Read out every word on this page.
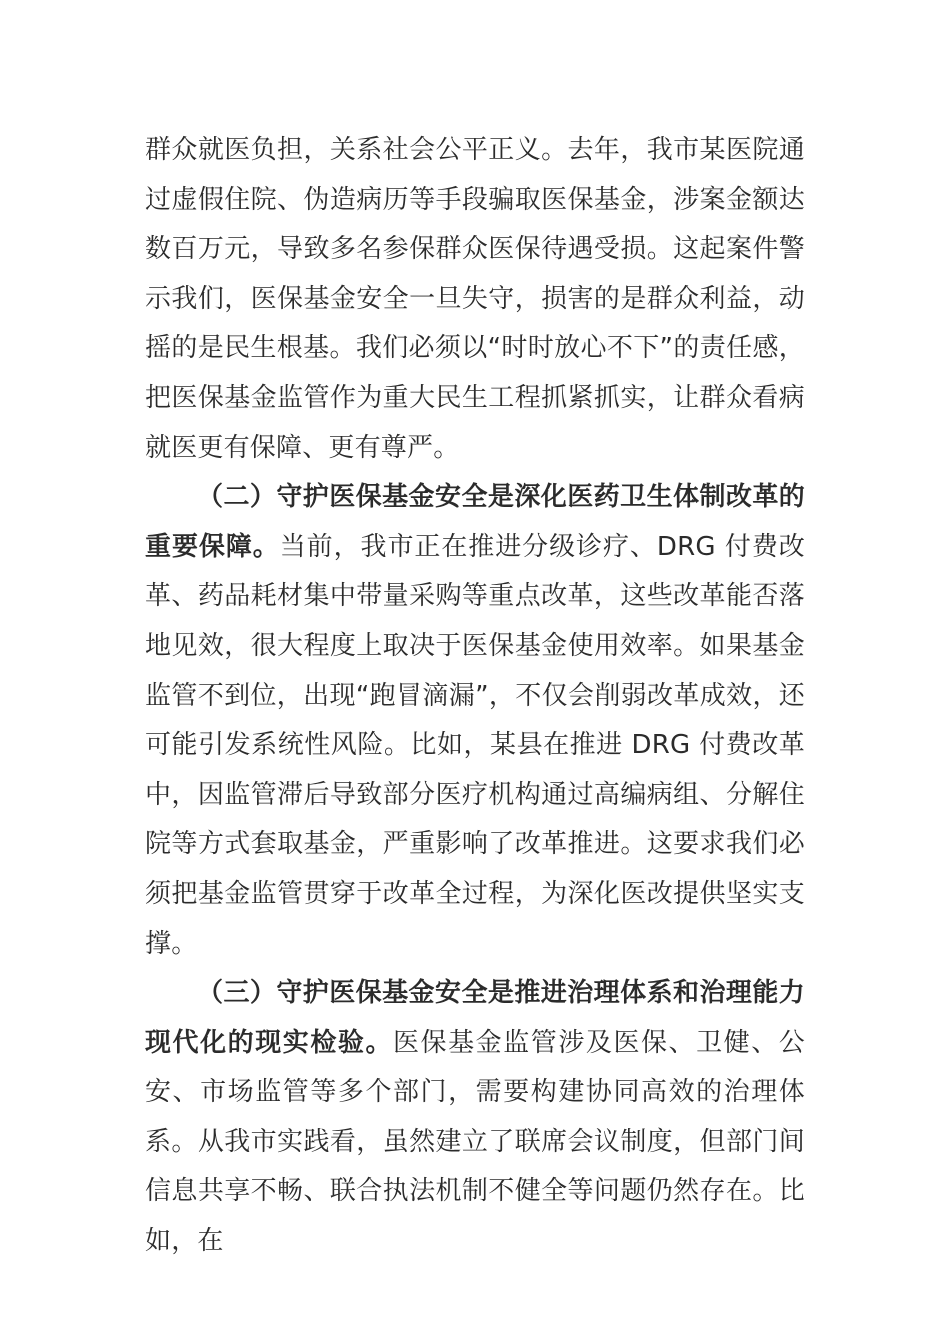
群众就医负担，关系社会公平正义。去年，我市某医院通过虚假住院、伪造病历等手段骗取医保基金，涉案金额达数百万元，导致多名参保群众医保待遇受损。这起案件警示我们，医保基金安全一旦失守，损害的是群众利益，动摇的是民生根基。我们必须以“时时放心不下”的责任感，把医保基金监管作为重大民生工程抓紧抓实，让群众看病就医更有保障、更有尊严。

（二）守护医保基金安全是深化医药卫生体制改革的重要保障。当前，我市正在推进分级诊疗、DRG 付费改革、药品耗材集中带量采购等重点改革，这些改革能否落地见效，很大程度上取决于医保基金使用效率。如果基金监管不到位，出现“跑冒滴漏”，不仅会削弱改革成效，还可能引发系统性风险。比如，某县在推进 DRG 付费改革中，因监管滞后导致部分医疗机构通过高编病组、分解住院等方式套取基金，严重影响了改革推进。这要求我们必须把基金监管贯穿于改革全过程，为深化医改提供坚实支撑。

（三）守护医保基金安全是推进治理体系和治理能力现代化的现实检验。医保基金监管涉及医保、卫健、公安、市场监管等多个部门，需要构建协同高效的治理体系。从我市实践看，虽然建立了联席会议制度，但部门间信息共享不畅、联合执法机制不健全等问题仍然存在。比如，在
